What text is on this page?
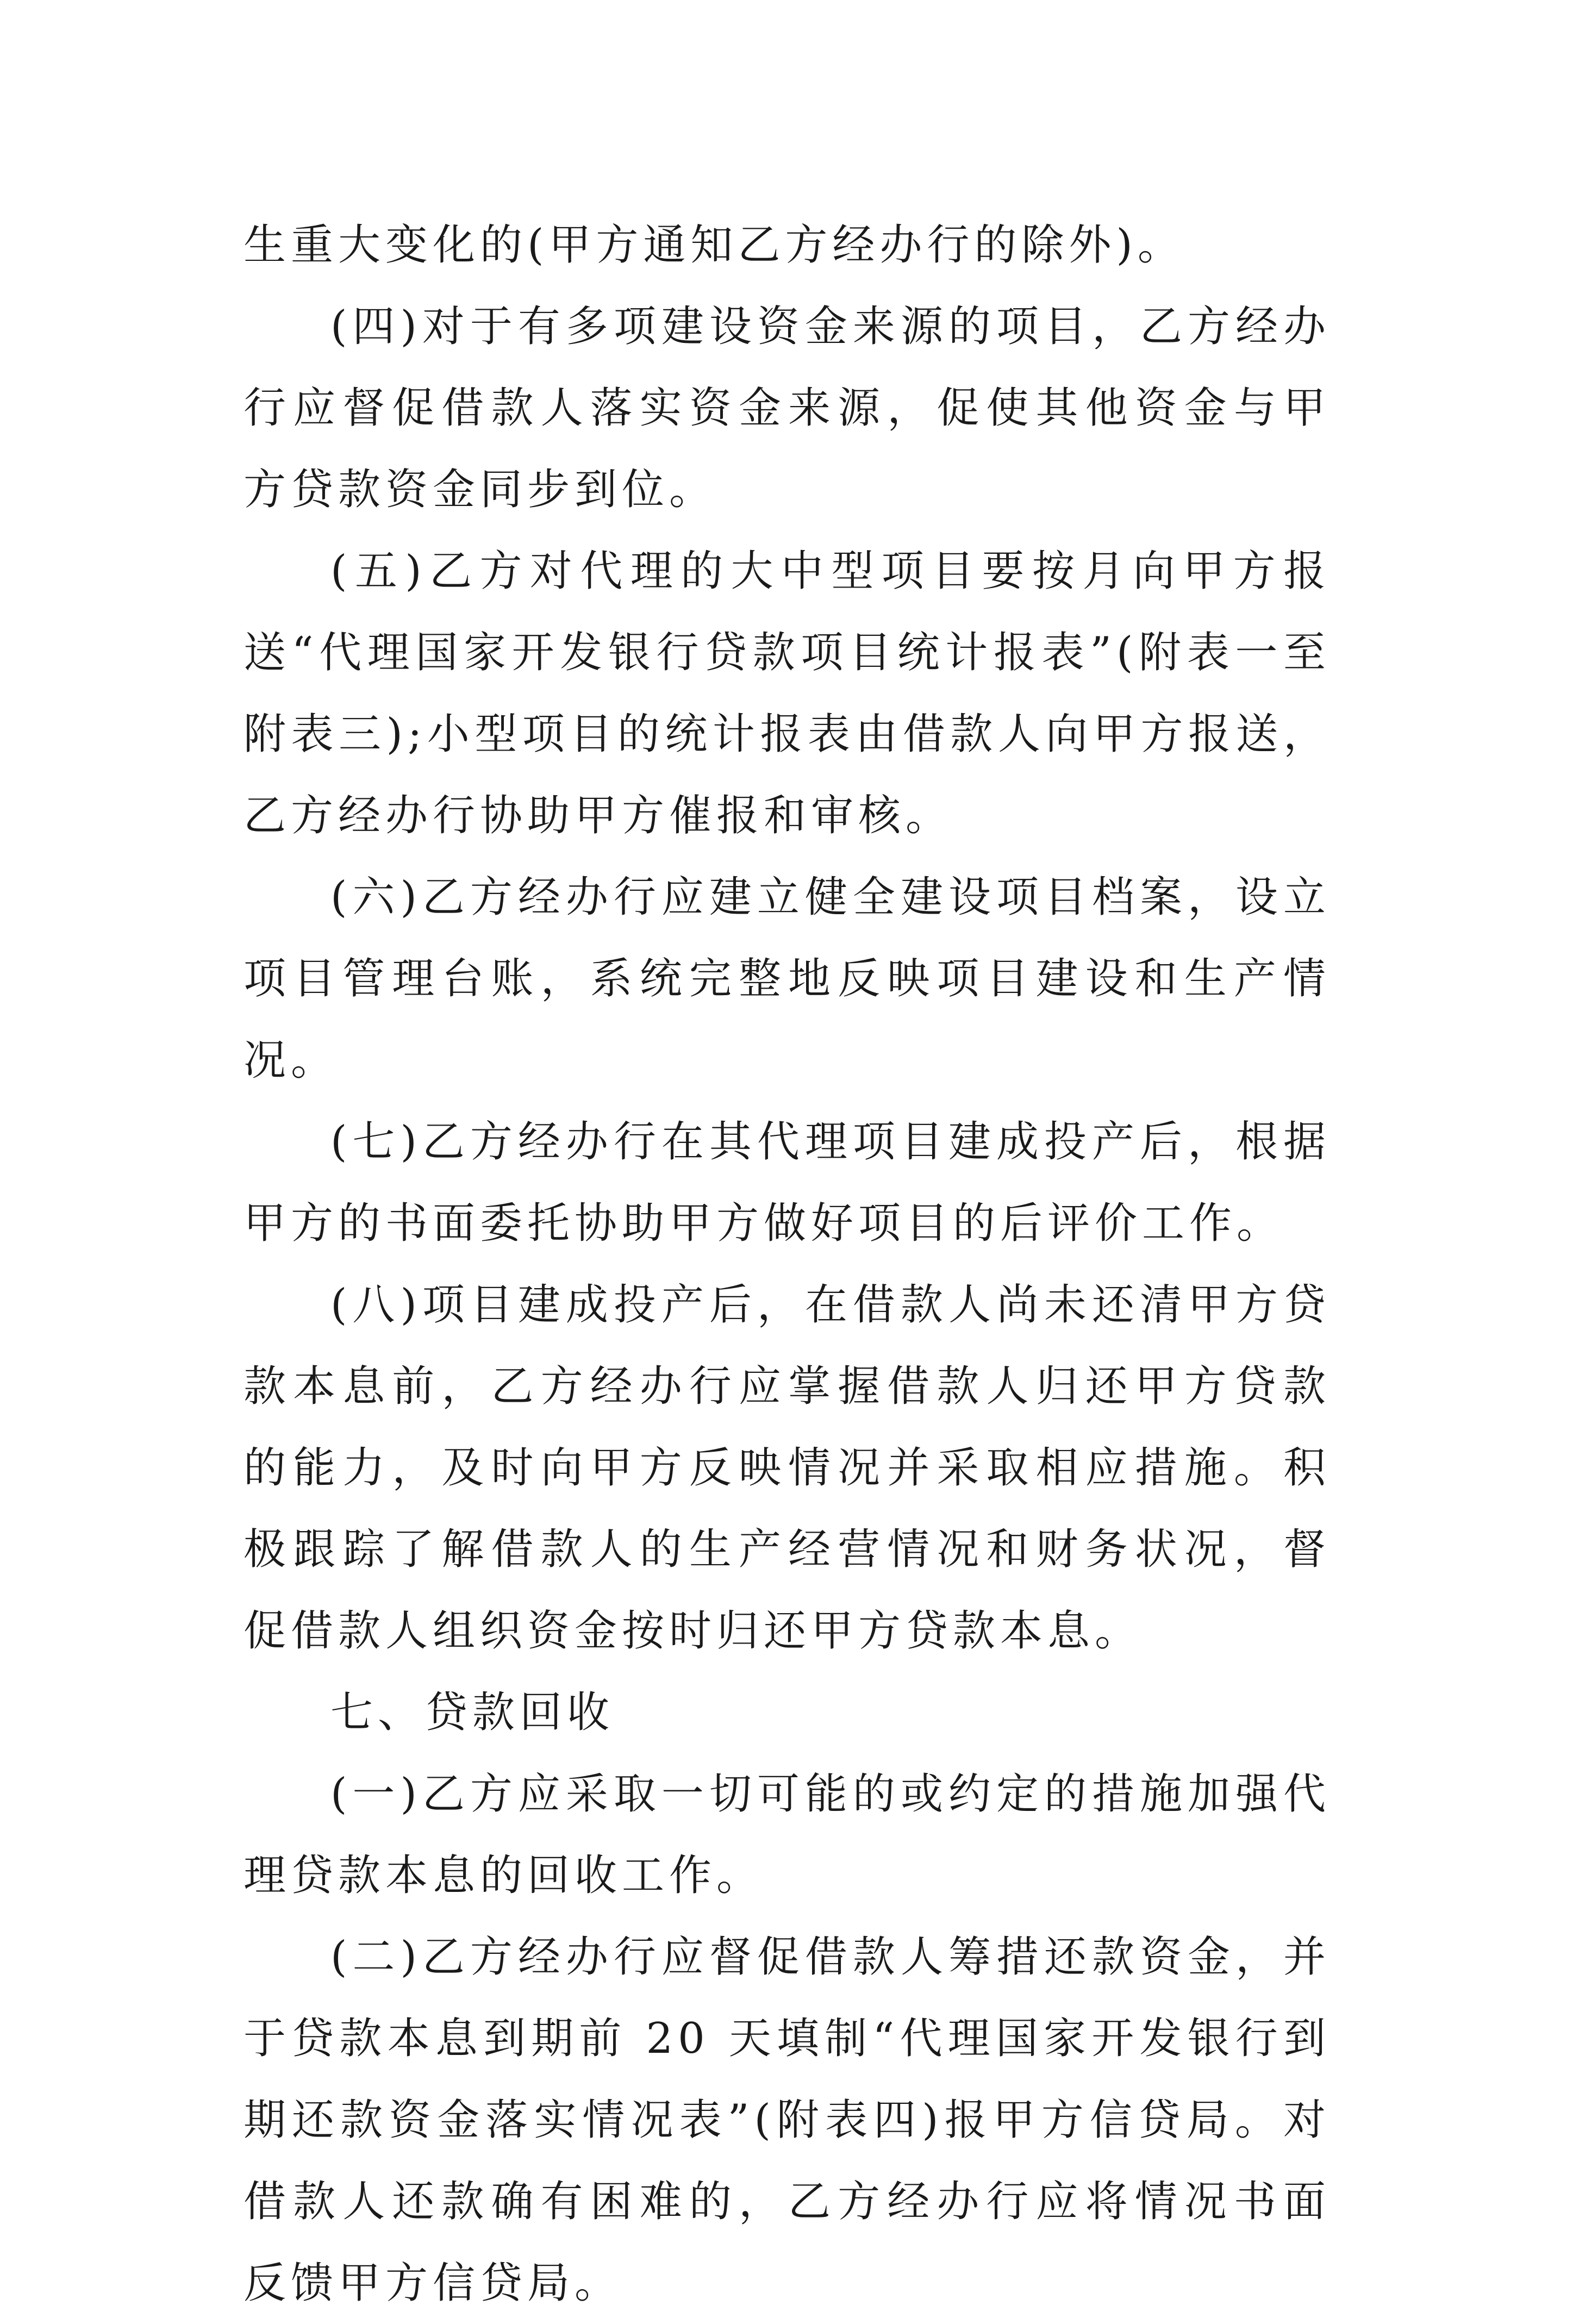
生重大变化的(甲方通知乙方经办行的除外)。

(四)对于有多项建设资金来源的项目，乙方经办行应督促借款人落实资金来源，促使其他资金与甲方贷款资金同步到位。

(五)乙方对代理的大中型项目要按月向甲方报送“代理国家开发银行贷款项目统计报表”(附表一至附表三);小型项目的统计报表由借款人向甲方报送，乙方经办行协助甲方催报和审核。

(六)乙方经办行应建立健全建设项目档案，设立项目管理台账，系统完整地反映项目建设和生产情况。

(七)乙方经办行在其代理项目建成投产后，根据甲方的书面委托协助甲方做好项目的后评价工作。

(八)项目建成投产后，在借款人尚未还清甲方贷款本息前，乙方经办行应掌握借款人归还甲方贷款的能力，及时向甲方反映情况并采取相应措施。积极跟踪了解借款人的生产经营情况和财务状况，督促借款人组织资金按时归还甲方贷款本息。

七、贷款回收

(一)乙方应采取一切可能的或约定的措施加强代理贷款本息的回收工作。

(二)乙方经办行应督促借款人筹措还款资金，并于贷款本息到期前 20 天填制“代理国家开发银行到期还款资金落实情况表”(附表四)报甲方信贷局。对借款人还款确有困难的，乙方经办行应将情况书面反馈甲方信贷局。
